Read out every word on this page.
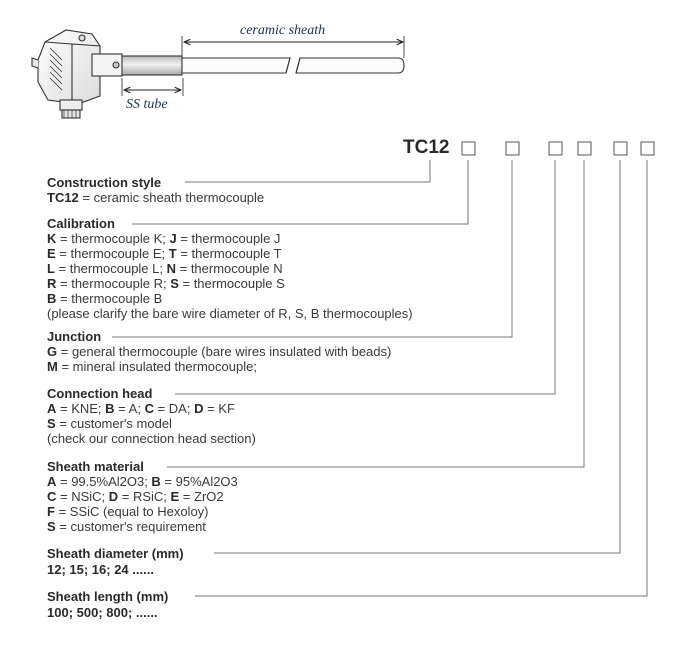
ceramic sheath
SS tube
TC12
Construction style
TC12 = ceramic sheath thermocouple
Calibration
K = thermocouple K; J = thermocouple J
E = thermocouple E; T = thermocouple T
L = thermocouple L; N = thermocouple N
R = thermocouple R; S = thermocouple S
B = thermocouple B
(please clarify the bare wire diameter of R, S, B thermocouples)
Junction
G = general thermocouple (bare wires insulated with beads)
M = mineral insulated thermocouple;
Connection head
A = KNE; B = A; C = DA; D = KF
S = customer's model
(check our connection head section)
Sheath material
A = 99.5%Al2O3; B = 95%Al2O3
C = NSiC; D = RSiC; E = ZrO2
F = SSiC (equal to Hexoloy)
S = customer's requirement
Sheath diameter (mm)
12; 15; 16; 24 ......
Sheath length (mm)
100; 500; 800; ......
